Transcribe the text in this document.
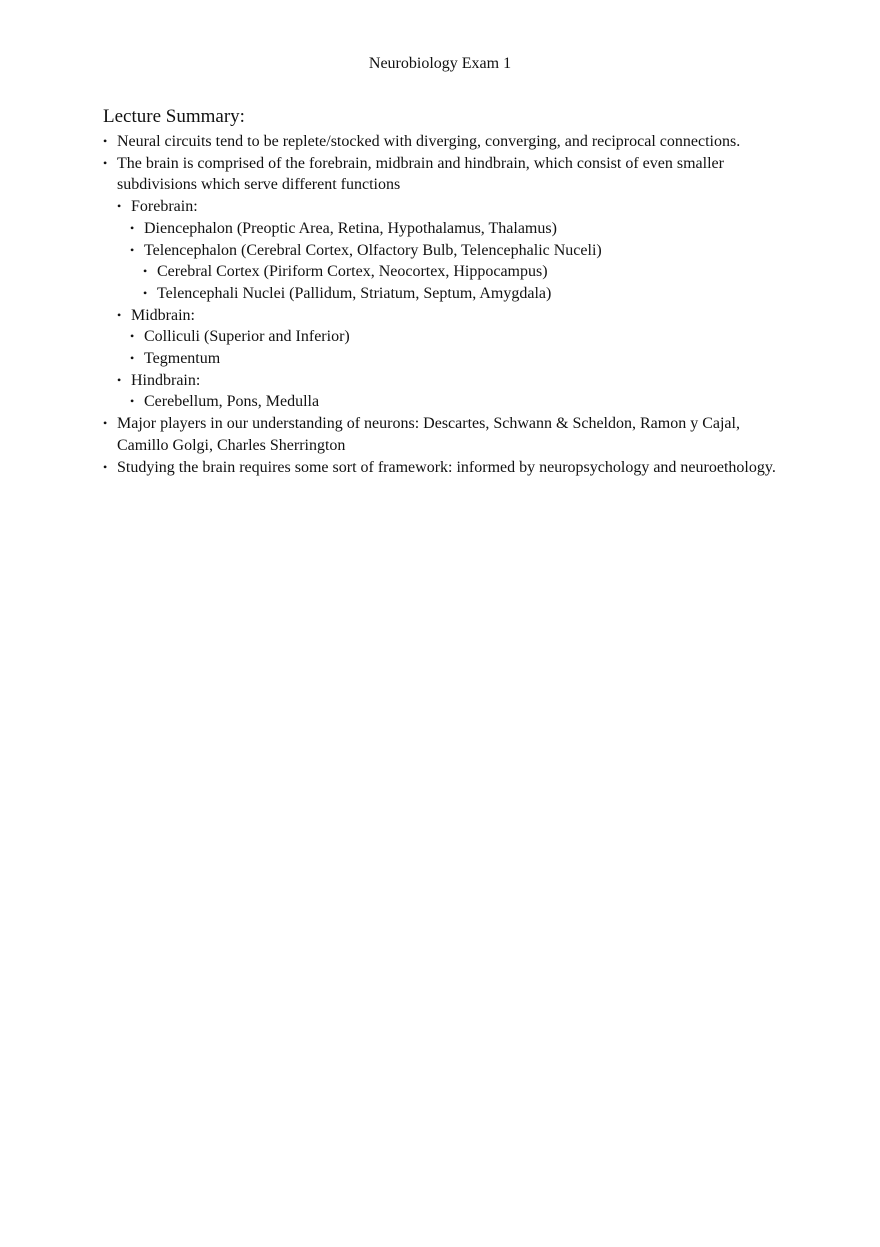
Neurobiology Exam 1
Lecture Summary:
• Neural circuits tend to be replete/stocked with diverging, converging, and reciprocal connections.
• The brain is comprised of the forebrain, midbrain and hindbrain, which consist of even smaller subdivisions which serve different functions
• Forebrain:
• Diencephalon (Preoptic Area, Retina, Hypothalamus, Thalamus)
• Telencephalon (Cerebral Cortex, Olfactory Bulb, Telencephalic Nuceli)
• Cerebral Cortex (Piriform Cortex, Neocortex, Hippocampus)
• Telencephali Nuclei (Pallidum, Striatum, Septum, Amygdala)
• Midbrain:
• Colliculi (Superior and Inferior)
• Tegmentum
• Hindbrain:
• Cerebellum, Pons, Medulla
• Major players in our understanding of neurons: Descartes, Schwann & Scheldon, Ramon y Cajal, Camillo Golgi, Charles Sherrington
• Studying the brain requires some sort of framework: informed by neuropsychology and neuroethology.
